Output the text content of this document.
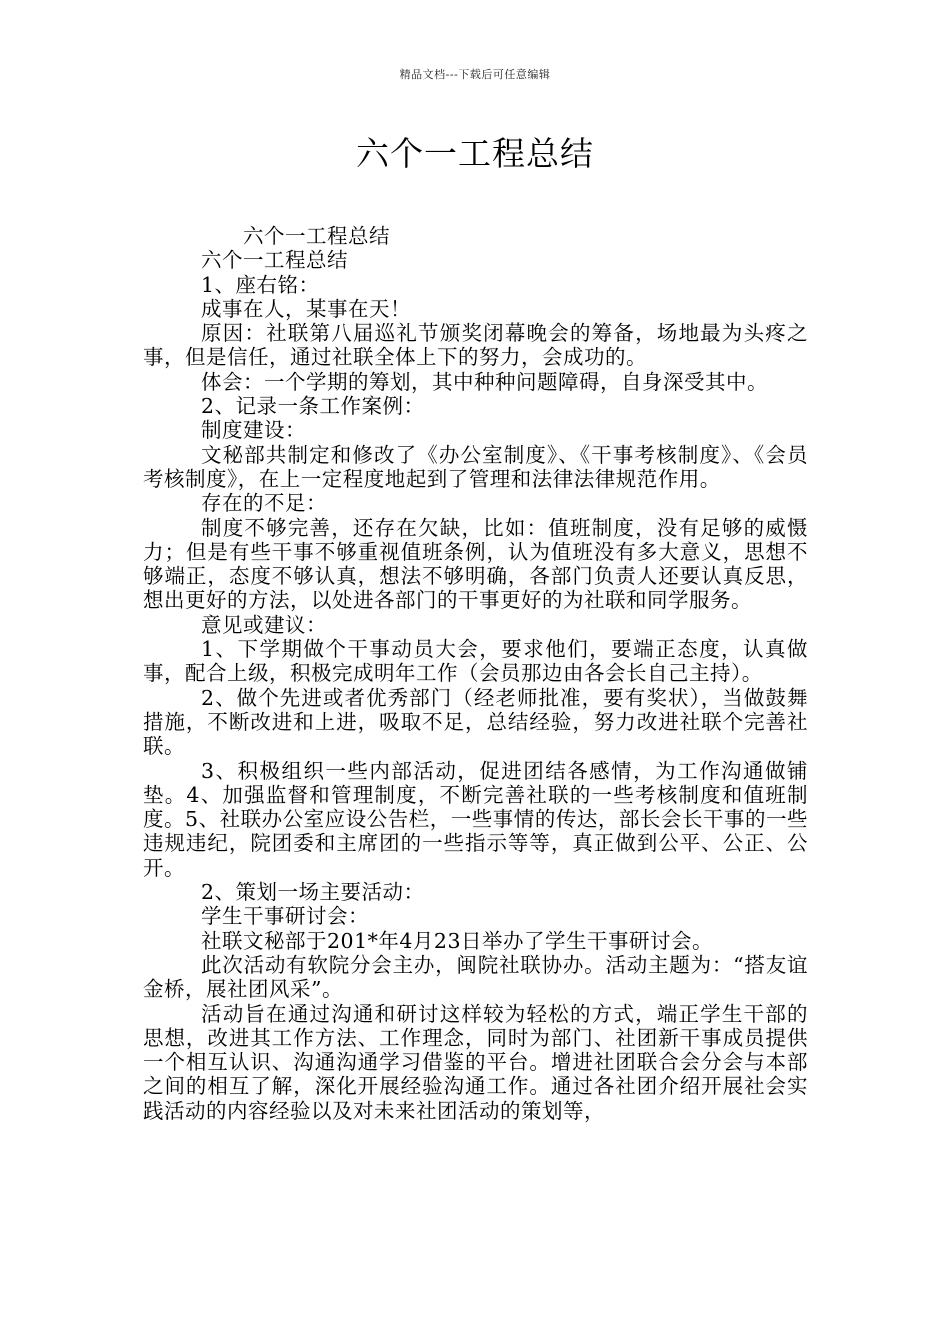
精品文档---下载后可任意编辑
六个一工程总结

六个一工程总结

六个一工程总结

1、座右铭：

成事在人，某事在天！

原因：社联第八届巡礼节颁奖闭幕晚会的筹备，场地最为头疼之事，但是信任，通过社联全体上下的努力，会成功的。

体会：一个学期的筹划，其中种种问题障碍，自身深受其中。

2、记录一条工作案例：

制度建设：

文秘部共制定和修改了《办公室制度》、《干事考核制度》、《会员考核制度》，在上一定程度地起到了管理和法律法律规范作用。

存在的不足：

制度不够完善，还存在欠缺，比如：值班制度，没有足够的威慑力；但是有些干事不够重视值班条例，认为值班没有多大意义，思想不够端正，态度不够认真，想法不够明确，各部门负责人还要认真反思，想出更好的方法，以处进各部门的干事更好的为社联和同学服务。

意见或建议：

1、下学期做个干事动员大会，要求他们，要端正态度，认真做事，配合上级，积极完成明年工作（会员那边由各会长自己主持）。

2、做个先进或者优秀部门（经老师批准，要有奖状），当做鼓舞措施，不断改进和上进，吸取不足，总结经验，努力改进社联个完善社联。

3、积极组织一些内部活动，促进团结各感情，为工作沟通做铺垫。4、加强监督和管理制度，不断完善社联的一些考核制度和值班制度。5、社联办公室应设公告栏，一些事情的传达，部长会长干事的一些违规违纪，院团委和主席团的一些指示等等，真正做到公平、公正、公开。

2、策划一场主要活动：

学生干事研讨会：

社联文秘部于201*年4月23日举办了学生干事研讨会。

此次活动有软院分会主办，闽院社联协办。活动主题为：“搭友谊金桥，展社团风采”。

活动旨在通过沟通和研讨这样较为轻松的方式，端正学生干部的思想，改进其工作方法、工作理念，同时为部门、社团新干事成员提供一个相互认识、沟通沟通学习借鉴的平台。增进社团联合会分会与本部之间的相互了解，深化开展经验沟通工作。通过各社团介绍开展社会实践活动的内容经验以及对未来社团活动的策划等，
